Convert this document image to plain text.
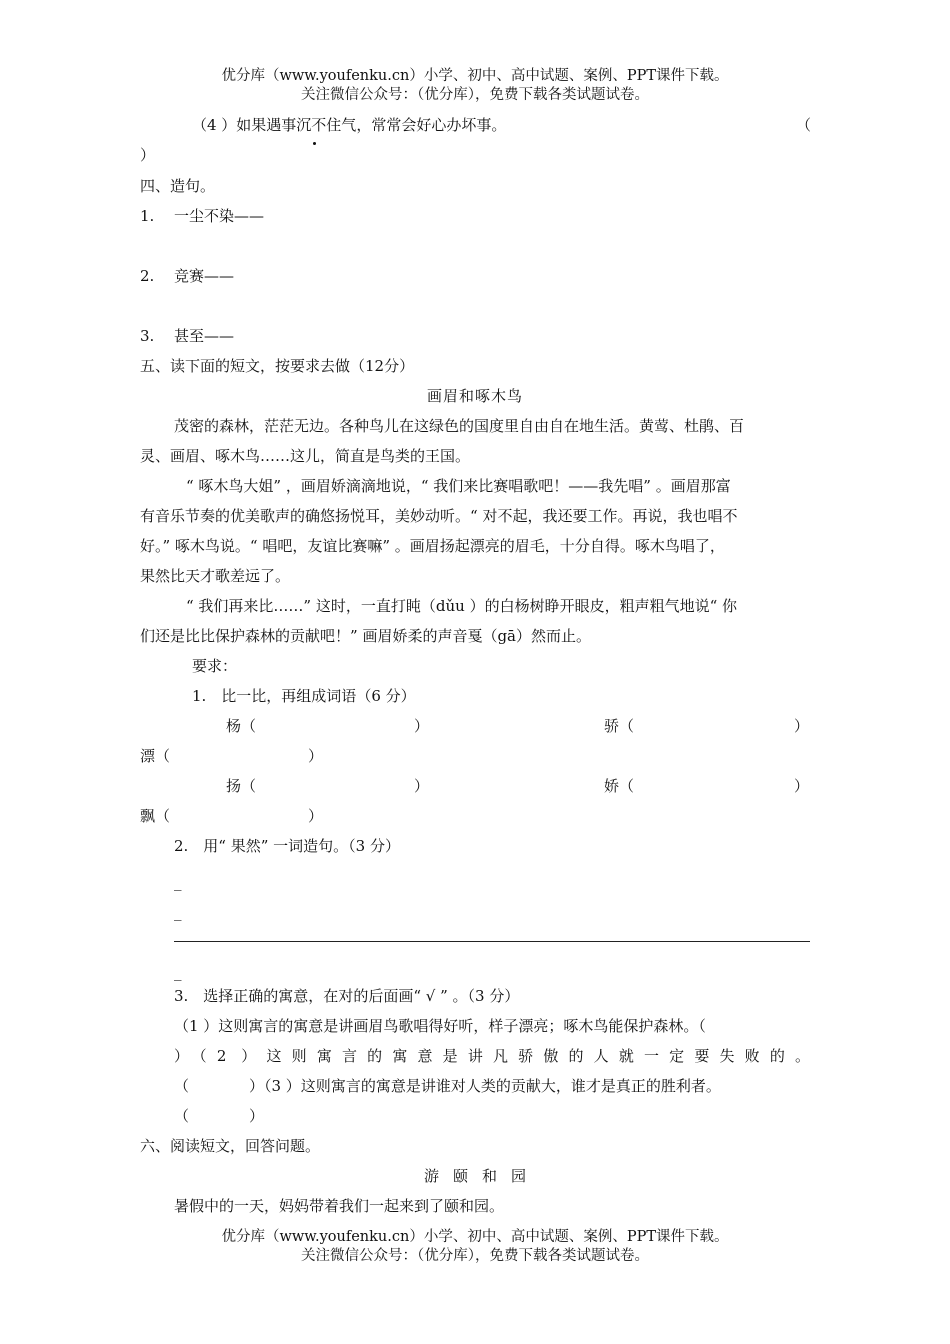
优分库（www.youfenku.cn）小学、初中、高中试题、案例、PPT课件下载。
关注微信公众号：（优分库），免费下载各类试题试卷。
（4 ）如果遇事沉不住气，常常会好心办坏事。	（
）
四、造句。
1. 一尘不染——
2. 竞赛——
3. 甚至——
五、读下面的短文，按要求去做（12分）
画眉和啄木鸟
茂密的森林，茫茫无边。各种鸟儿在这绿色的国度里自由自在地生活。黄莺、杜鹃、百
灵、画眉、啄木鸟……这儿，简直是鸟类的王国。
“ 啄木鸟大姐” ，画眉娇滴滴地说，“ 我们来比赛唱歌吧！——我先唱” 。画眉那富
有音乐节奏的优美歌声的确悠扬悦耳，美妙动听。“ 对不起，我还要工作。再说，我也唱不
好。” 啄木鸟说。“ 唱吧，友谊比赛嘛” 。画眉扬起漂亮的眉毛，十分自得。啄木鸟唱了，
果然比天才歌差远了。
“ 我们再来比……” 这时，一直打盹（dǔu ）的白杨树睁开眼皮，粗声粗气地说“ 你
们还是比比保护森林的贡献吧！” 画眉娇柔的声音戛（gā）然而止。
要求：
1.　比一比，再组成词语（6 分）
杨（	）	骄（	）
漂（	）
扬（	）	娇（	）
飘（	）
2.　用“ 果然” 一词造句。（3 分）
_
_
_
3.　选择正确的寓意，在对的后面画“ √ ” 。（3 分）
（1 ）这则寓言的寓意是讲画眉鸟歌唱得好听，样子漂亮；啄木鸟能保护森林。（
）（2 ）这则寓言的寓意是讲凡骄傲的人就一定要失败的。
（　　　　）（3 ）这则寓言的寓意是讲谁对人类的贡献大，谁才是真正的胜利者。
（　　　　）
六、阅读短文，回答问题。
游 颐 和 园
暑假中的一天，妈妈带着我们一起来到了颐和园。
优分库（www.youfenku.cn）小学、初中、高中试题、案例、PPT课件下载。
关注微信公众号：（优分库），免费下载各类试题试卷。
